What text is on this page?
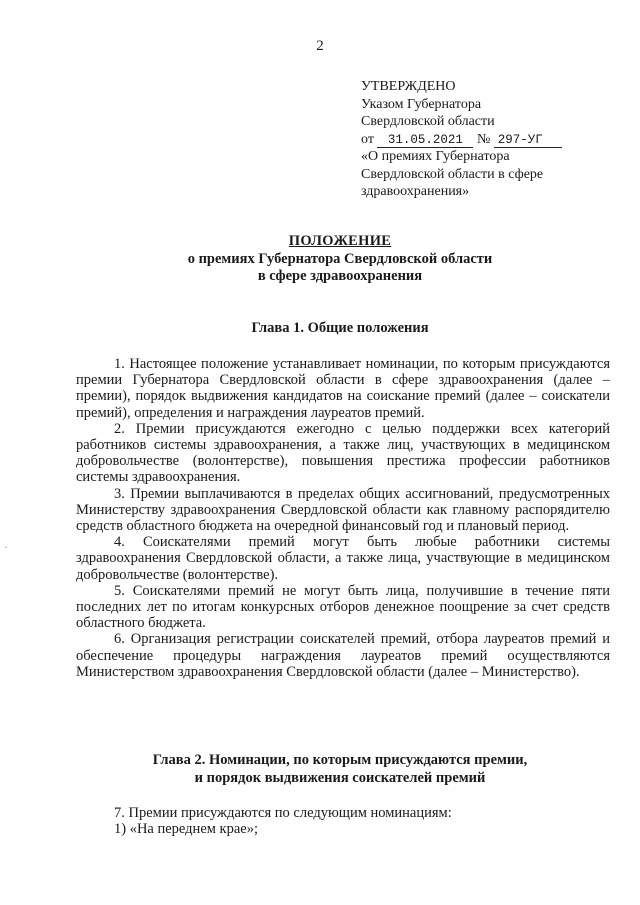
2
УТВЕРЖДЕНО
Указом Губернатора
Свердловской области
от 31.05.2021 № 297-УГ
«О премиях Губернатора
Свердловской области в сфере
здравоохранения»
ПОЛОЖЕНИЕ
о премиях Губернатора Свердловской области
в сфере здравоохранения
Глава 1. Общие положения

1. Настоящее положение устанавливает номинации, по которым присуждаются премии Губернатора Свердловской области в сфере здравоохранения (далее – премии), порядок выдвижения кандидатов на соискание премий (далее – соискатели премий), определения и награждения лауреатов премий.

2. Премии присуждаются ежегодно с целью поддержки всех категорий работников системы здравоохранения, а также лиц, участвующих в медицинском добровольчестве (волонтерстве), повышения престижа профессии работников системы здравоохранения.

3. Премии выплачиваются в пределах общих ассигнований, предусмотренных Министерству здравоохранения Свердловской области как главному распорядителю средств областного бюджета на очередной финансовый год и плановый период.

4. Соискателями премий могут быть любые работники системы здравоохранения Свердловской области, а также лица, участвующие в медицинском добровольчестве (волонтерстве).

5. Соискателями премий не могут быть лица, получившие в течение пяти последних лет по итогам конкурсных отборов денежное поощрение за счет средств областного бюджета.

6. Организация регистрации соискателей премий, отбора лауреатов премий и обеспечение процедуры награждения лауреатов премий осуществляются Министерством здравоохранения Свердловской области (далее – Министерство).

Глава 2. Номинации, по которым присуждаются премии,
и порядок выдвижения соискателей премий

7. Премии присуждаются по следующим номинациям:

1) «На переднем крае»;

·
